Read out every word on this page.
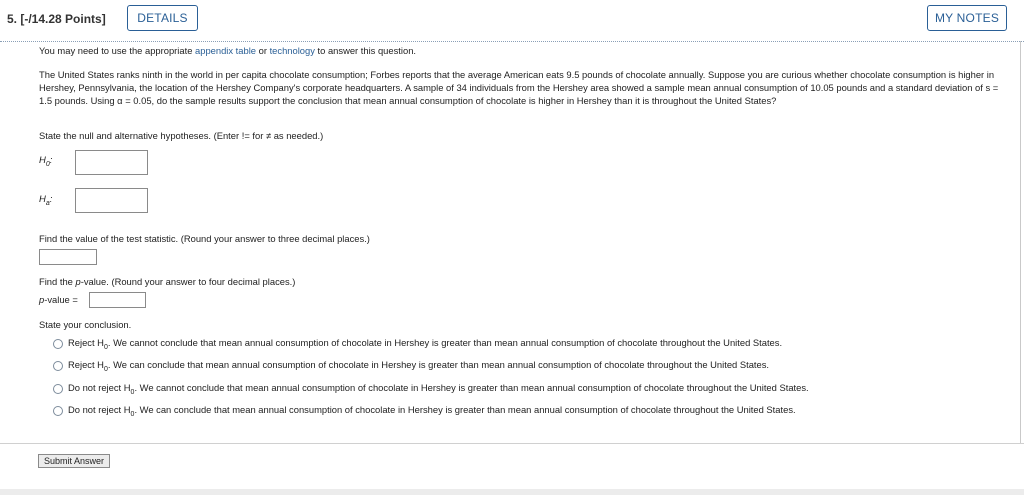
5. [-/14.28 Points]	DETAILS	MY NOTES
You may need to use the appropriate appendix table or technology to answer this question.
The United States ranks ninth in the world in per capita chocolate consumption; Forbes reports that the average American eats 9.5 pounds of chocolate annually. Suppose you are curious whether chocolate consumption is higher in Hershey, Pennsylvania, the location of the Hershey Company's corporate headquarters. A sample of 34 individuals from the Hershey area showed a sample mean annual consumption of 10.05 pounds and a standard deviation of s = 1.5 pounds. Using α = 0.05, do the sample results support the conclusion that mean annual consumption of chocolate is higher in Hershey than it is throughout the United States?
State the null and alternative hypotheses. (Enter != for ≠ as needed.)
$H_0$:
$H_a$:
Find the value of the test statistic. (Round your answer to three decimal places.)
Find the p-value. (Round your answer to four decimal places.)
p-value =
State your conclusion.
Reject $H_0$. We cannot conclude that mean annual consumption of chocolate in Hershey is greater than mean annual consumption of chocolate throughout the United States.
Reject $H_0$. We can conclude that mean annual consumption of chocolate in Hershey is greater than mean annual consumption of chocolate throughout the United States.
Do not reject $H_0$. We cannot conclude that mean annual consumption of chocolate in Hershey is greater than mean annual consumption of chocolate throughout the United States.
Do not reject $H_0$. We can conclude that mean annual consumption of chocolate in Hershey is greater than mean annual consumption of chocolate throughout the United States.
Submit Answer
